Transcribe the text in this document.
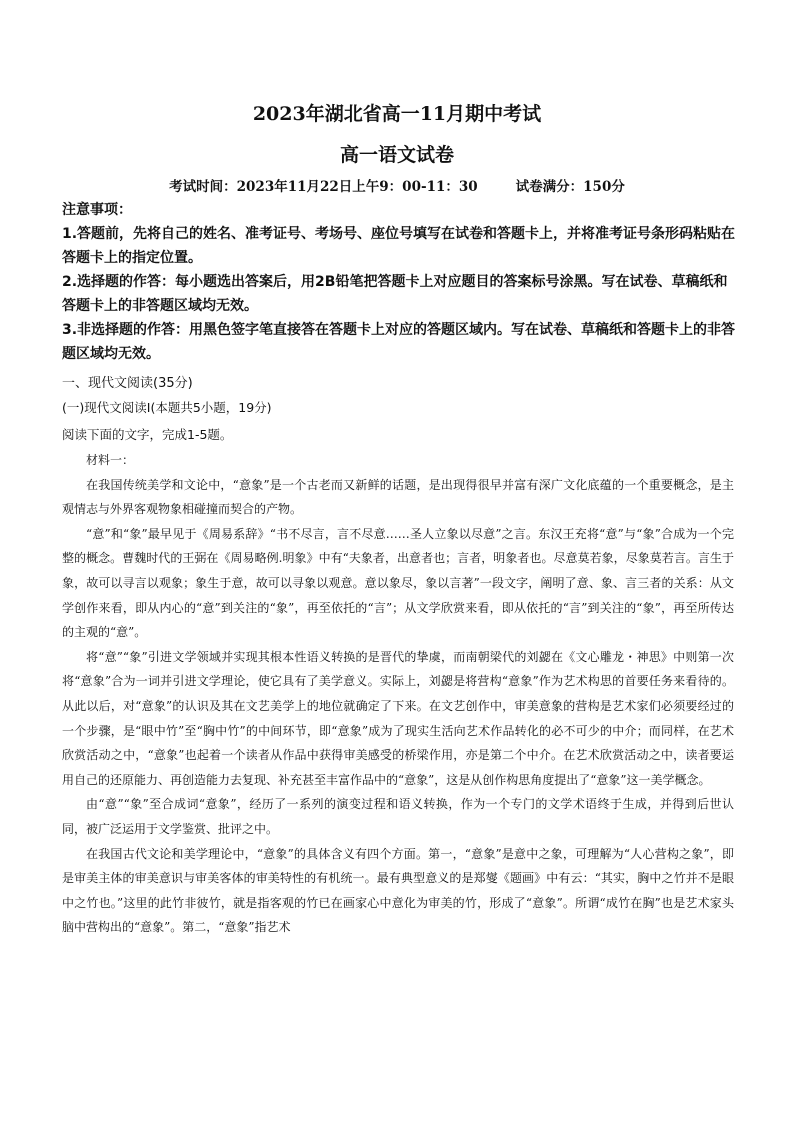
2023年湖北省高一11月期中考试
高一语文试卷
考试时间：2023年11月22日上午9：00-11：30	试卷满分：150分
注意事项：

1.答题前，先将自己的姓名、准考证号、考场号、座位号填写在试卷和答题卡上，并将准考证号条形码粘贴在答题卡上的指定位置。

2.选择题的作答：每小题选出答案后，用2B铅笔把答题卡上对应题目的答案标号涂黑。写在试卷、草稿纸和答题卡上的非答题区域均无效。

3.非选择题的作答：用黑色签字笔直接答在答题卡上对应的答题区域内。写在试卷、草稿纸和答题卡上的非答题区域均无效。

一、现代文阅读(35分)
(一)现代文阅读Ⅰ(本题共5小题，19分)
阅读下面的文字，完成1-5题。

材料一：

在我国传统美学和文论中，“意象”是一个古老而又新鲜的话题，是出现得很早并富有深广文化底蕴的一个重要概念，是主观情志与外界客观物象相碰撞而契合的产物。

“意”和“象”最早见于《周易系辞》“书不尽言，言不尽意……圣人立象以尽意”之言。东汉王充将“意”与“象”合成为一个完整的概念。曹魏时代的王弼在《周易略例.明象》中有“夫象者，出意者也；言者，明象者也。尽意莫若象，尽象莫若言。言生于象，故可以寻言以观象；象生于意，故可以寻象以观意。意以象尽，象以言著”一段文字，阐明了意、象、言三者的关系：从文学创作来看，即从内心的“意”到关注的“象”，再至依托的“言”；从文学欣赏来看，即从依托的“言”到关注的“象”，再至所传达的主观的“意”。

将“意”“象”引进文学领域并实现其根本性语义转换的是晋代的挚虞，而南朝梁代的刘勰在《文心雕龙・神思》中则第一次将“意象”合为一词并引进文学理论，使它具有了美学意义。实际上，刘勰是将营构“意象”作为艺术构思的首要任务来看待的。从此以后，对“意象”的认识及其在文艺美学上的地位就确定了下来。在文艺创作中，审美意象的营构是艺术家们必须要经过的一个步骤，是“眼中竹”至“胸中竹”的中间环节，即“意象”成为了现实生活向艺术作品转化的必不可少的中介；而同样，在艺术欣赏活动之中，“意象”也起着一个读者从作品中获得审美感受的桥梁作用，亦是第二个中介。在艺术欣赏活动之中，读者要运用自己的还原能力、再创造能力去复现、补充甚至丰富作品中的“意象”，这是从创作构思角度提出了“意象”这一美学概念。

由“意”“象”至合成词“意象”，经历了一系列的演变过程和语义转换，作为一个专门的文学术语终于生成，并得到后世认同，被广泛运用于文学鉴赏、批评之中。

在我国古代文论和美学理论中，“意象”的具体含义有四个方面。第一，“意象”是意中之象，可理解为“人心营构之象”，即是审美主体的审美意识与审美客体的审美特性的有机统一。最有典型意义的是郑燮《题画》中有云：“其实，胸中之竹并不是眼中之竹也。”这里的此竹非彼竹，就是指客观的竹已在画家心中意化为审美的竹，形成了“意象”。所谓“成竹在胸”也是艺术家头脑中营构出的“意象”。第二，“意象”指艺术
